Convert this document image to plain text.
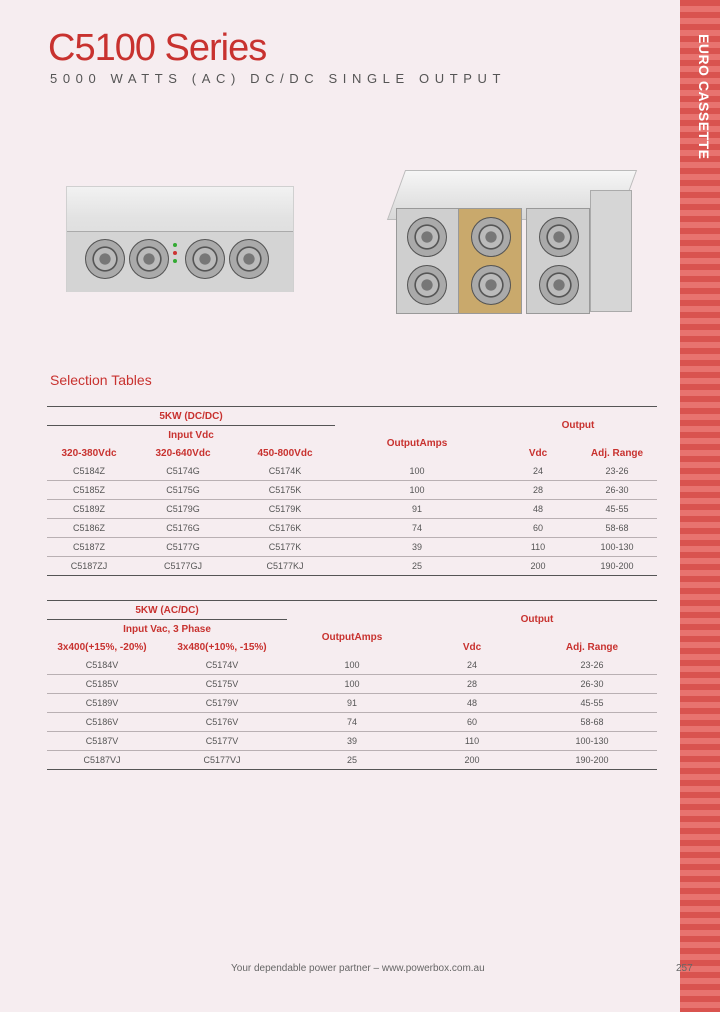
EURO CASSETTE
C5100 Series
5000 WATTS (AC) DC/DC SINGLE OUTPUT
Selection Tables
5KW (DC/DC)				Output	
Input Vdc			OutputAmps		
320-380Vdc	320-640Vdc	450-800Vdc		Vdc	Adj. Range
C5184Z	C5174G	C5174K	100	24	23-26
C5185Z	C5175G	C5175K	100	28	26-30
C5189Z	C5179G	C5179K	91	48	45-55
C5186Z	C5176G	C5176K	74	60	58-68
C5187Z	C5177G	C5177K	39	110	100-130
C5187ZJ	C5177GJ	C5177KJ	25	200	190-200
5KW (AC/DC)			Output	
Input Vac, 3 Phase		OutputAmps		
3x400(+15%, -20%)	3x480(+10%, -15%)		Vdc	Adj. Range
C5184V	C5174V	100	24	23-26
C5185V	C5175V	100	28	26-30
C5189V	C5179V	91	48	45-55
C5186V	C5176V	74	60	58-68
C5187V	C5177V	39	110	100-130
C5187VJ	C5177VJ	25	200	190-200
Your dependable power partner – www.powerbox.com.au	257
